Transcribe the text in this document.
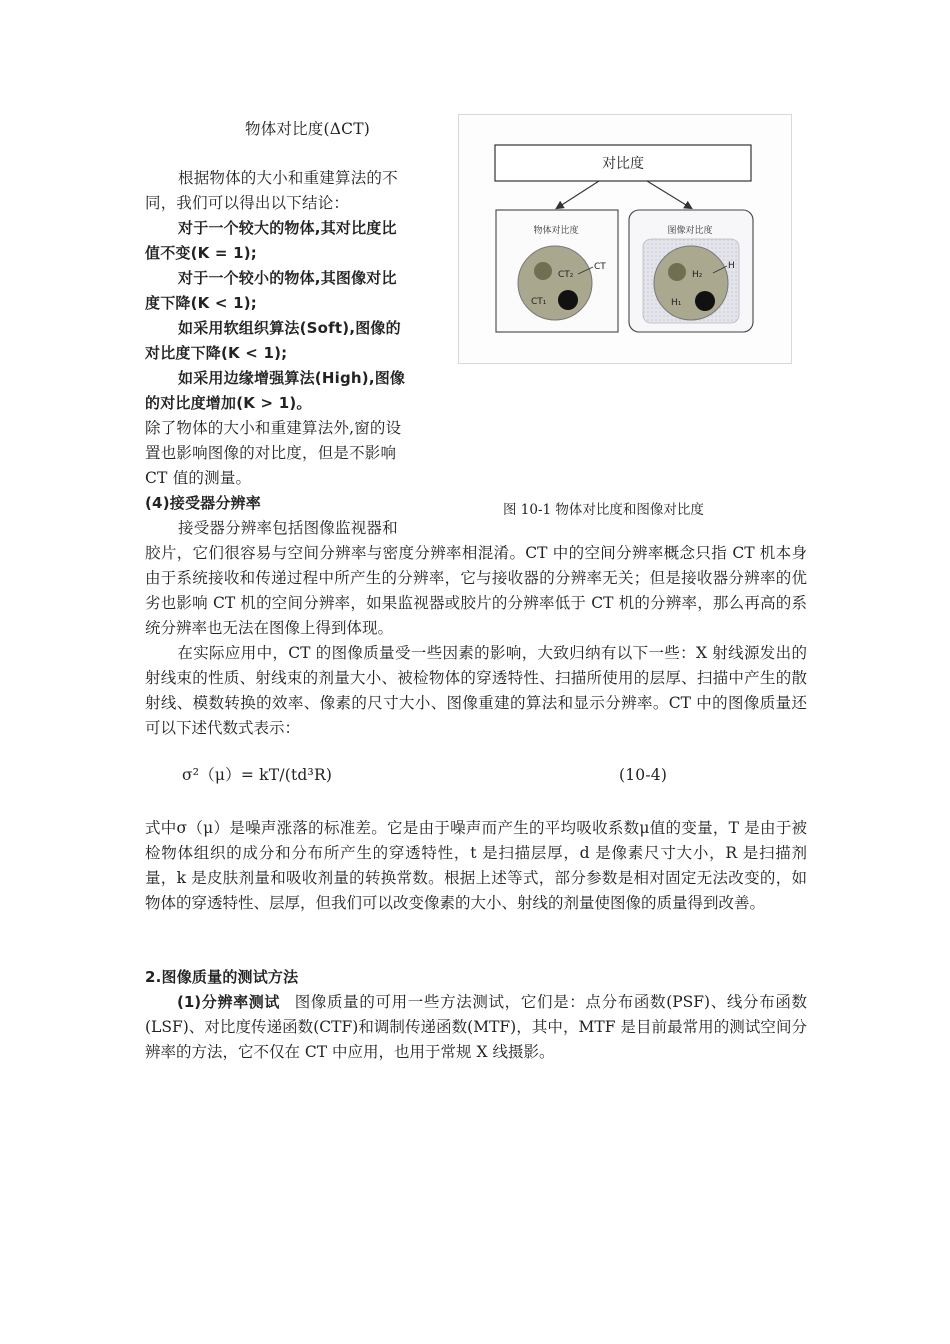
物体对比度(ΔCT)
根据物体的大小和重建算法的不
同，我们可以得出以下结论：
对于一个较大的物体,其对比度比
值不变(K = 1);
对于一个较小的物体,其图像对比
度下降(K < 1);
如采用软组织算法(Soft),图像的
对比度下降(K < 1);
如采用边缘增强算法(High),图像
的对比度增加(K > 1)。
除了物体的大小和重建算法外,窗的设
置也影响图像的对比度，但是不影响
CT 值的测量。
(4)接受器分辨率
接受器分辨率包括图像监视器和
对比度
物体对比度
CT₂
CT
CT₁
图像对比度
H₂
H
H₁
图 10-1 物体对比度和图像对比度
胶片，它们很容易与空间分辨率与密度分辨率相混淆。CT 中的空间分辨率概念只指 CT 机本身由于系统接收和传递过程中所产生的分辨率，它与接收器的分辨率无关；但是接收器分辨率的优劣也影响 CT 机的空间分辨率，如果监视器或胶片的分辨率低于 CT 机的分辨率，那么再高的系统分辨率也无法在图像上得到体现。
在实际应用中，CT 的图像质量受一些因素的影响，大致归纳有以下一些：X 射线源发出的射线束的性质、射线束的剂量大小、被检物体的穿透特性、扫描所使用的层厚、扫描中产生的散射线、模数转换的效率、像素的尺寸大小、图像重建的算法和显示分辨率。CT 中的图像质量还可以下述代数式表示：
σ²（μ）= kT/(td³R)	(10-4)
式中σ（μ）是噪声涨落的标准差。它是由于噪声而产生的平均吸收系数μ值的变量，T 是由于被检物体组织的成分和分布所产生的穿透特性，t 是扫描层厚，d 是像素尺寸大小，R 是扫描剂量，k 是皮肤剂量和吸收剂量的转换常数。根据上述等式，部分参数是相对固定无法改变的，如物体的穿透特性、层厚，但我们可以改变像素的大小、射线的剂量使图像的质量得到改善。
2.图像质量的测试方法
(1)分辨率测试 图像质量的可用一些方法测试，它们是：点分布函数(PSF)、线分布函数(LSF)、对比度传递函数(CTF)和调制传递函数(MTF)，其中，MTF 是目前最常用的测试空间分辨率的方法，它不仅在 CT 中应用，也用于常规 X 线摄影。
